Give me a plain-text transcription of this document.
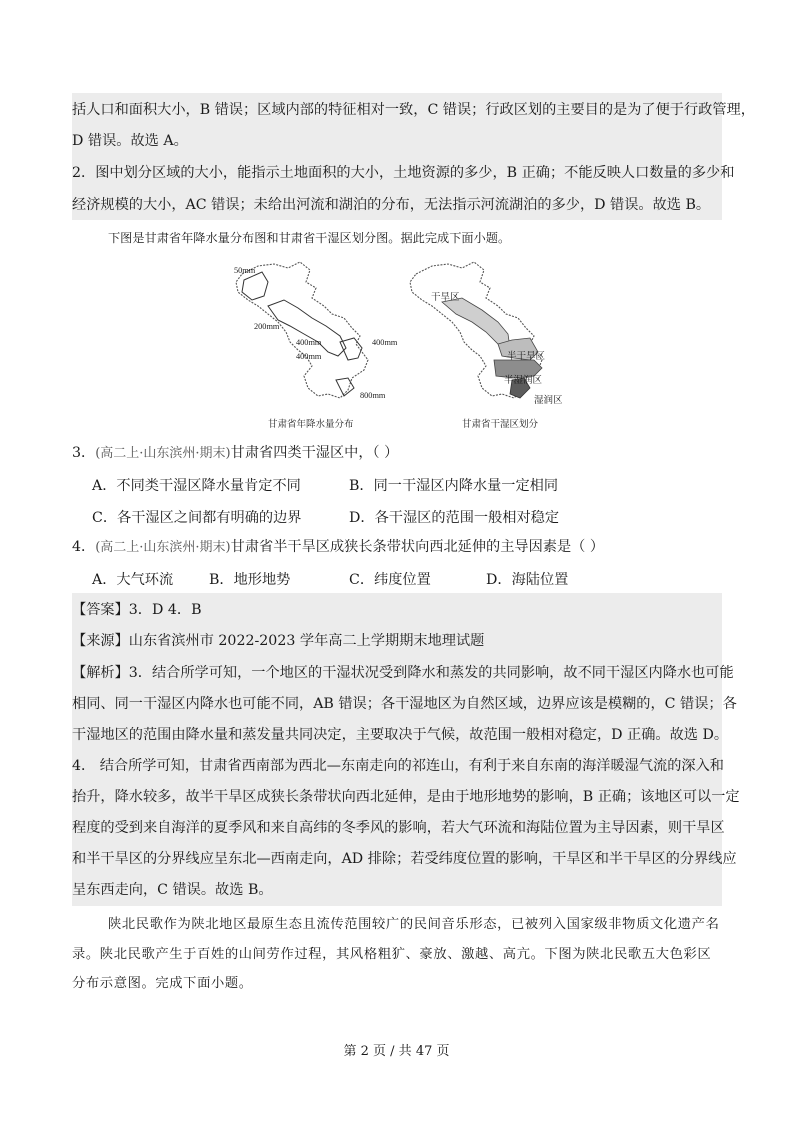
括人口和面积大小，B 错误；区域内部的特征相对一致，C 错误；行政区划的主要目的是为了便于行政管理，
D 错误。故选 A。
2．图中划分区域的大小，能指示土地面积的大小，土地资源的多少，B 正确；不能反映人口数量的多少和
经济规模的大小，AC 错误；未给出河流和湖泊的分布，无法指示河流湖泊的多少，D 错误。故选 B。
下图是甘肃省年降水量分布图和甘肃省干湿区划分图。据此完成下面小题。
50mm
200mm
400mm
400mm
400mm
800mm
甘肃省年降水量分布
干旱区
半干旱区
半湿润区
湿润区
甘肃省干湿区划分
3．(高二上·山东滨州·期末)甘肃省四类干湿区中，（ ）
A．不同类干湿区降水量肯定不同	B．同一干湿区内降水量一定相同
C．各干湿区之间都有明确的边界	D．各干湿区的范围一般相对稳定
4．(高二上·山东滨州·期末)甘肃省半干旱区成狭长条带状向西北延伸的主导因素是（ ）
A．大气环流	B．地形地势	C．纬度位置	D．海陆位置
【答案】3．D 4．B
【来源】山东省滨州市 2022-2023 学年高二上学期期末地理试题
【解析】3．结合所学可知，一个地区的干湿状况受到降水和蒸发的共同影响，故不同干湿区内降水也可能
相同、同一干湿区内降水也可能不同，AB 错误；各干湿地区为自然区域，边界应该是模糊的，C 错误；各
干湿地区的范围由降水量和蒸发量共同决定，主要取决于气候，故范围一般相对稳定，D 正确。故选 D。
4． 结合所学可知，甘肃省西南部为西北—东南走向的祁连山，有利于来自东南的海洋暖湿气流的深入和
抬升，降水较多，故半干旱区成狭长条带状向西北延伸，是由于地形地势的影响，B 正确；该地区可以一定
程度的受到来自海洋的夏季风和来自高纬的冬季风的影响，若大气环流和海陆位置为主导因素，则干旱区
和半干旱区的分界线应呈东北—西南走向，AD 排除；若受纬度位置的影响，干旱区和半干旱区的分界线应
呈东西走向，C 错误。故选 B。
陕北民歌作为陕北地区最原生态且流传范围较广的民间音乐形态，已被列入国家级非物质文化遗产名
录。陕北民歌产生于百姓的山间劳作过程，其风格粗犷、豪放、激越、高亢。下图为陕北民歌五大色彩区
分布示意图。完成下面小题。
第 2 页 / 共 47 页
